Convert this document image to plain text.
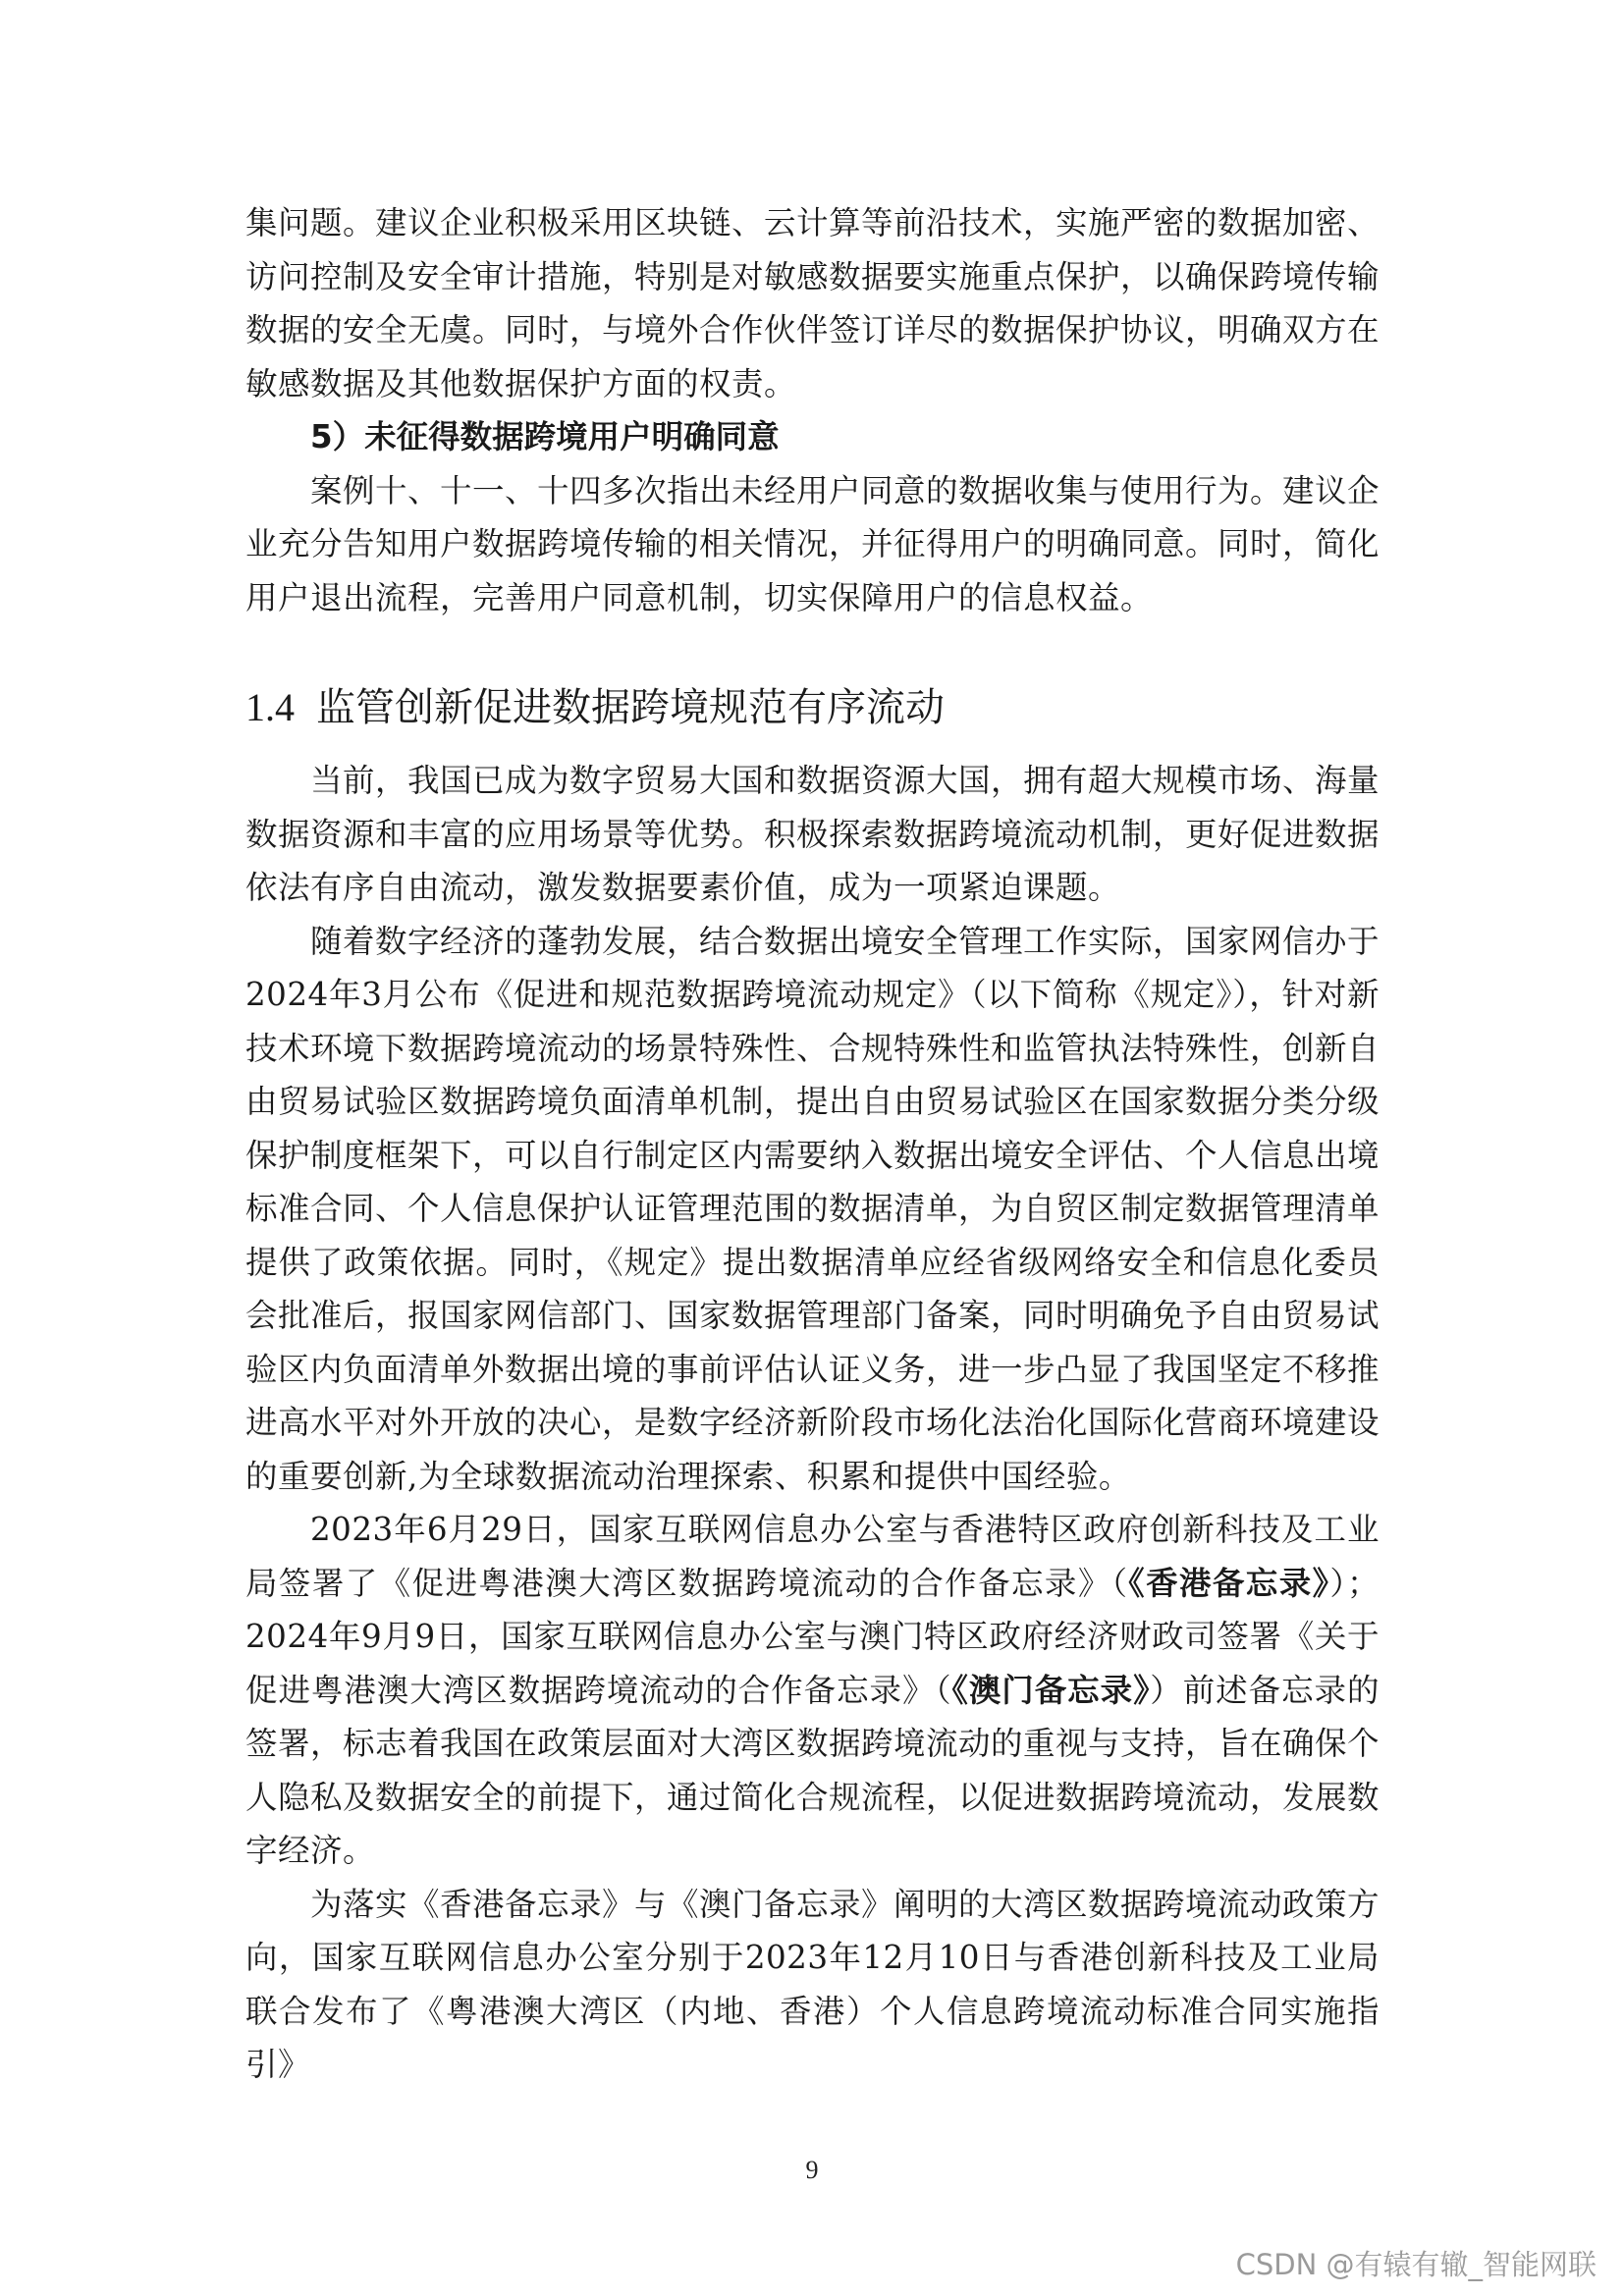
集问题。建议企业积极采用区块链、云计算等前沿技术，实施严密的数据加密、访问控制及安全审计措施，特别是对敏感数据要实施重点保护，以确保跨境传输数据的安全无虞。同时，与境外合作伙伴签订详尽的数据保护协议，明确双方在敏感数据及其他数据保护方面的权责。

5）未征得数据跨境用户明确同意

案例十、十一、十四多次指出未经用户同意的数据收集与使用行为。建议企业充分告知用户数据跨境传输的相关情况，并征得用户的明确同意。同时，简化用户退出流程，完善用户同意机制，切实保障用户的信息权益。

1.4 监管创新促进数据跨境规范有序流动

当前，我国已成为数字贸易大国和数据资源大国，拥有超大规模市场、海量数据资源和丰富的应用场景等优势。积极探索数据跨境流动机制，更好促进数据依法有序自由流动，激发数据要素价值，成为一项紧迫课题。

随着数字经济的蓬勃发展，结合数据出境安全管理工作实际，国家网信办于2024年3月公布《促进和规范数据跨境流动规定》（以下简称《规定》），针对新技术环境下数据跨境流动的场景特殊性、合规特殊性和监管执法特殊性，创新自由贸易试验区数据跨境负面清单机制，提出自由贸易试验区在国家数据分类分级保护制度框架下，可以自行制定区内需要纳入数据出境安全评估、个人信息出境标准合同、个人信息保护认证管理范围的数据清单，为自贸区制定数据管理清单提供了政策依据。同时，《规定》提出数据清单应经省级网络安全和信息化委员会批准后，报国家网信部门、国家数据管理部门备案，同时明确免予自由贸易试验区内负面清单外数据出境的事前评估认证义务，进一步凸显了我国坚定不移推进高水平对外开放的决心，是数字经济新阶段市场化法治化国际化营商环境建设的重要创新,为全球数据流动治理探索、积累和提供中国经验。

2023年6月29日，国家互联网信息办公室与香港特区政府创新科技及工业局签署了《促进粤港澳大湾区数据跨境流动的合作备忘录》（《香港备忘录》）；2024年9月9日，国家互联网信息办公室与澳门特区政府经济财政司签署《关于促进粤港澳大湾区数据跨境流动的合作备忘录》（《澳门备忘录》）前述备忘录的签署，标志着我国在政策层面对大湾区数据跨境流动的重视与支持，旨在确保个人隐私及数据安全的前提下，通过简化合规流程，以促进数据跨境流动，发展数字经济。

为落实《香港备忘录》与《澳门备忘录》阐明的大湾区数据跨境流动政策方向，国家互联网信息办公室分别于2023年12月10日与香港创新科技及工业局联合发布了《粤港澳大湾区（内地、香港）个人信息跨境流动标准合同实施指引》

9
CSDN @有辕有辙_智能网联
